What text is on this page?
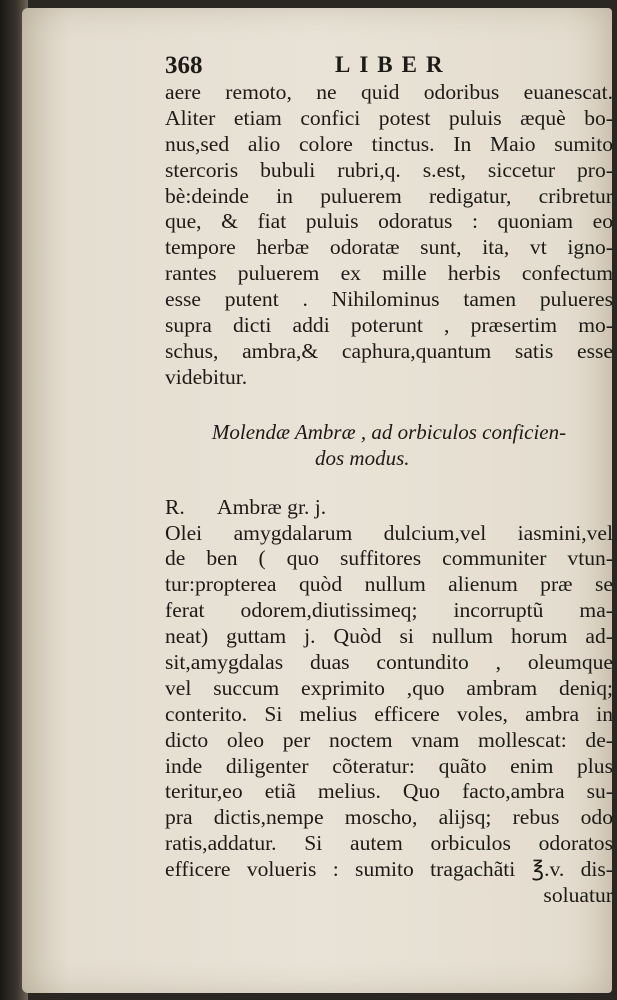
368	LIBER
aere remoto, ne quid odoribus euanescat.
Aliter etiam confici potest puluis æquè bo-
nus,sed alio colore tinctus. In Maio sumito
stercoris bubuli rubri,q. s.est, siccetur pro-
bè:deinde in puluerem redigatur, cribretur
que, & fiat puluis odoratus : quoniam eo
tempore herbæ odoratæ sunt, ita, vt igno-
rantes puluerem ex mille herbis confectum
esse putent . Nihilominus tamen pulueres
supra dicti addi poterunt , præsertim mo-
schus, ambra,& caphura,quantum satis esse
videbitur.
Molendæ Ambræ , ad orbiculos conficien-
dos modus.
R. Ambræ gr. j.
Olei amygdalarum dulcium,vel iasmini,vel
de ben ( quo suffitores communiter vtun-
tur:propterea quòd nullum alienum præ se
ferat odorem,diutissimeq; incorruptũ ma-
neat) guttam j. Quòd si nullum horum ad-
sit,amygdalas duas contundito , oleumque
vel succum exprimito ,quo ambram deniq;
conterito. Si melius efficere voles, ambra in
dicto oleo per noctem vnam mollescat: de-
inde diligenter cõteratur: quãto enim plus
teritur,eo etiã melius. Quo facto,ambra su-
pra dictis,nempe moscho, alijsq; rebus odo
ratis,addatur. Si autem orbiculos odoratos
efficere volueris : sumito tragachãti ℥.v. dis-
soluatur
